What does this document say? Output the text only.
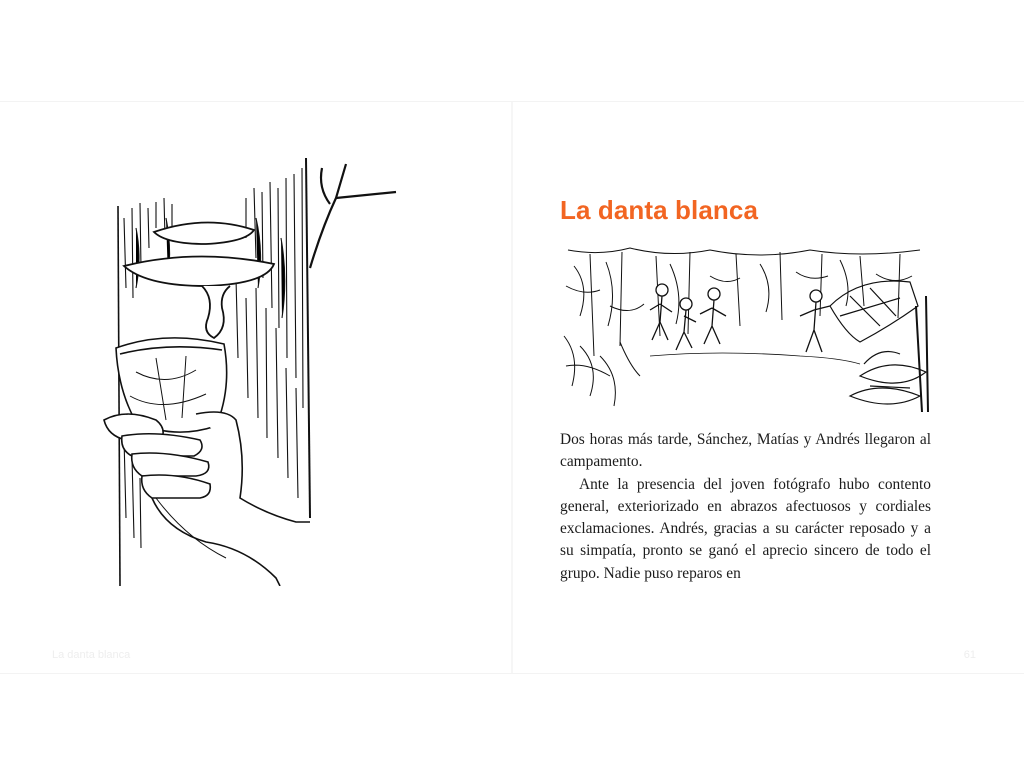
La danta blanca

Dos horas más tarde, Sánchez, Matías y Andrés llegaron al campamento.

Ante la presencia del joven fotógrafo hubo contento general, exteriorizado en abrazos afectuosos y cordiales exclamaciones. Andrés, gracias a su carácter reposado y a su simpatía, pronto se ganó el aprecio sincero de todo el grupo. Nadie puso reparos en

61
La danta blanca
